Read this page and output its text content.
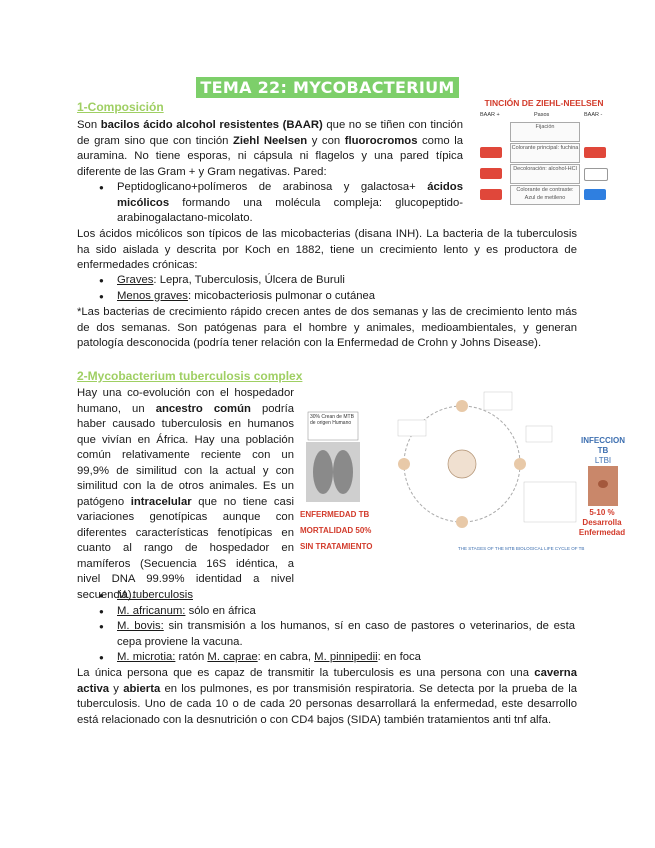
TEMA 22: MYCOBACTERIUM
1-Composición

Son bacilos ácido alcohol resistentes (BAAR) que no se tiñen con tinción de gram sino que con tinción Ziehl Neelsen y con fluorocromos como la auramina. No tiene esporas, ni cápsula ni flagelos y una pared típica diferente de las Gram + y Gram negativas. Pared:

● Peptidoglicano+polímeros de arabinosa y galactosa+ ácidos micólicos formando una molécula compleja: glucopeptido-arabinogalactano-micolato.

Los ácidos micólicos son típicos de las micobacterias (disana INH). La bacteria de la tuberculosis ha sido aislada y descrita por Koch en 1882, tiene un crecimiento lento y es productora de enfermedades crónicas:

● Graves: Lepra, Tuberculosis, Úlcera de Buruli
● Menos graves: micobacteriosis pulmonar o cutánea

*Las bacterias de crecimiento rápido crecen antes de dos semanas y las de crecimiento lento más de dos semanas. Son patógenas para el hombre y animales, medioambientales, y generan patología desconocida (podría tener relación con la Enfermedad de Crohn y Johns Disease).

TINCIÓN DE ZIEHL-NEELSEN
BAAR +	Pasos	BAAR -
Fijación
Colorante principal: fuchina
Decoloración: alcohol-HCl
Colorante de contraste: Azul de metileno
2-Mycobacterium tuberculosis complex

Hay una co-evolución con el hospedador humano, un ancestro común podría haber causado tuberculosis en humanos que vivían en África. Hay una población común relativamente reciente con un 99,9% de similitud con la actual y con similitud con la de otros animales. Es un patógeno intracelular que no tiene casi variaciones genotípicas aunque con diferentes características fenotípicas en cuanto al rango de hospedador en mamíferos (Secuencia 16S idéntica, a nivel DNA 99.99% identidad a nivel secuencia).

30% Crean de MTB de origen Humano
ENFERMEDAD TB
MORTALIDAD 50%
SIN TRATAMIENTO
INFECCION
TB
LTBI
5-10 %
Desarrolla
Enfermedad
THE STAGES OF THE MTB BIOLOGICAL LIFE CYCLE OF TB
● M. tuberculosis
● M. africanum: sólo en áfrica
● M. bovis: sin transmisión a los humanos, sí en caso de pastores o veterinarios, de esta cepa proviene la vacuna.
● M. microtia: ratón M. caprae: en cabra, M. pinnipedii: en foca

La única persona que es capaz de transmitir la tuberculosis es una persona con una caverna activa y abierta en los pulmones, es por transmisión respiratoria. Se detecta por la prueba de la tuberculosis. Uno de cada 10 o de cada 20 personas desarrollará la enfermedad, este desarrollo está relacionado con la desnutrición o con CD4 bajos (SIDA) también tratamientos anti tnf alfa.
